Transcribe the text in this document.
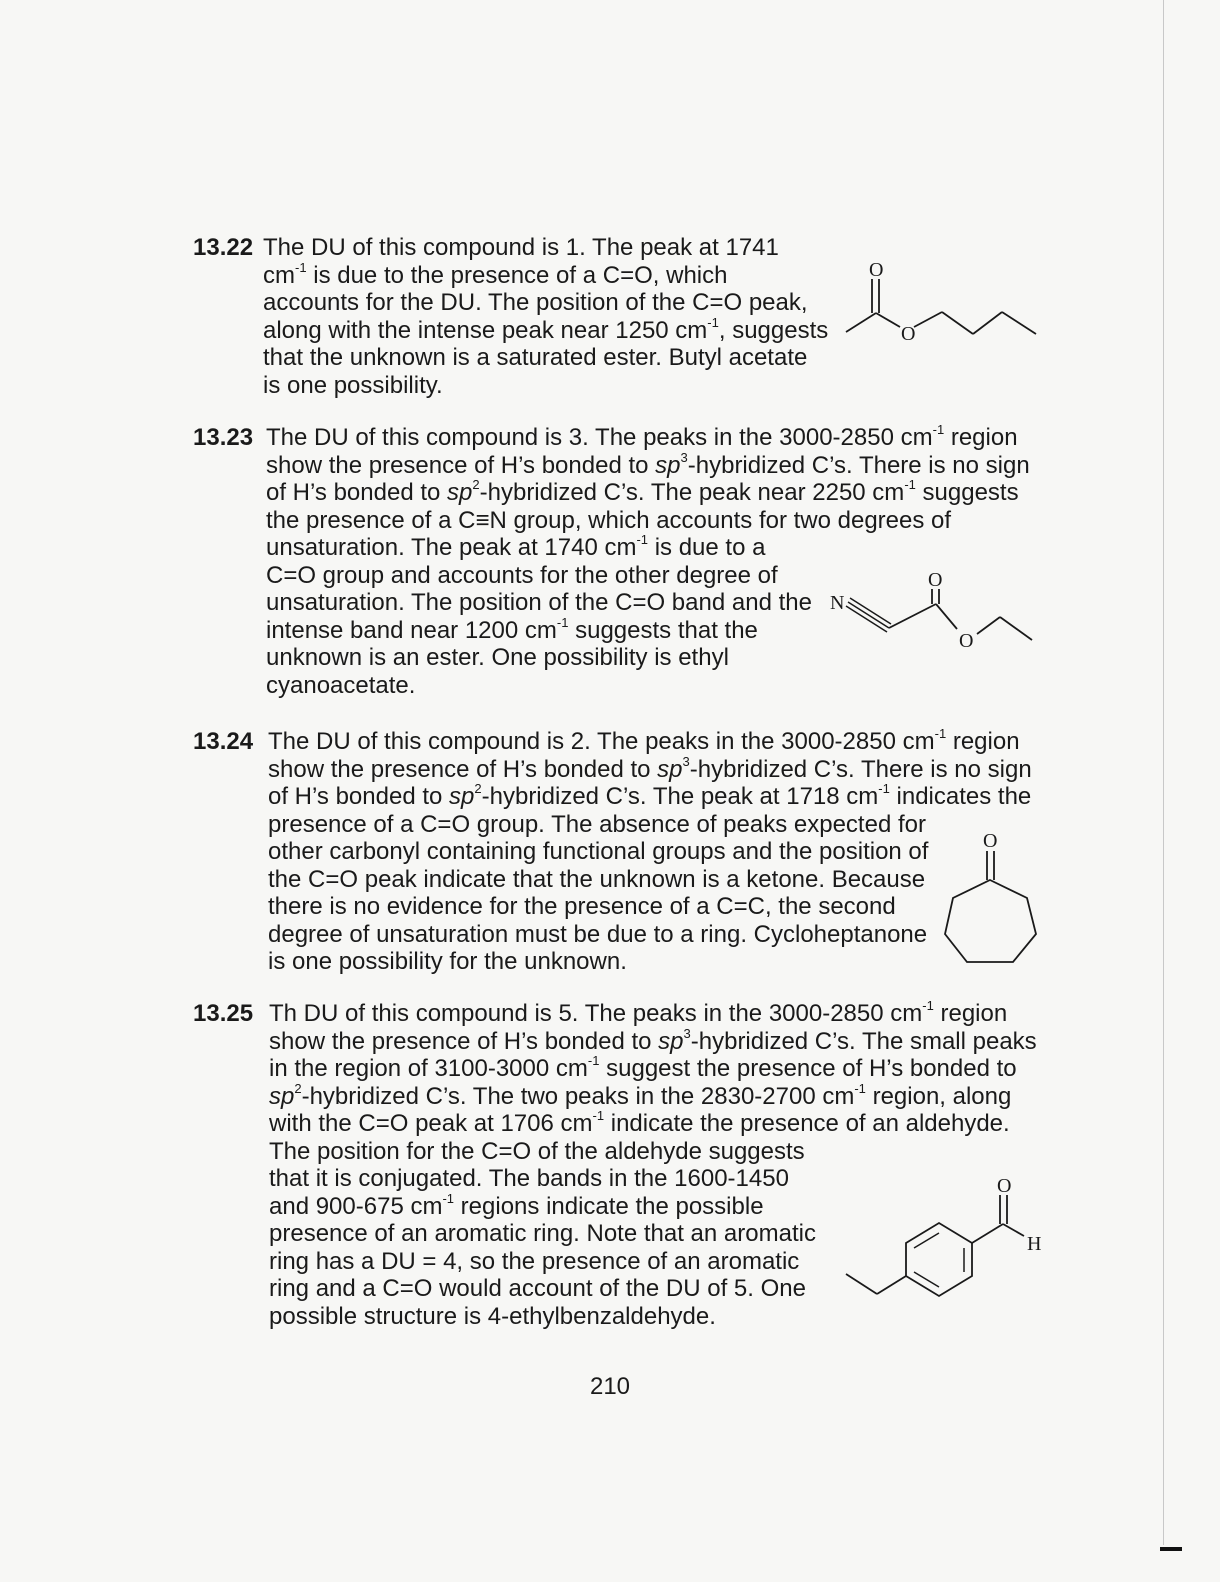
13.22 The DU of this compound is 1. The peak at 1741
$cm^{-1}$ is due to the presence of a C=O, which
accounts for the DU. The position of the C=O peak,
along with the intense peak near 1250 $cm^{-1}$, suggests
that the unknown is a saturated ester. Butyl acetate
is one possibility.
O
O
13.23 The DU of this compound is 3. The peaks in the 3000-2850 $cm^{-1}$ region
show the presence of H’s bonded to $sp^3$-hybridized C’s. There is no sign
of H’s bonded to $sp^2$-hybridized C’s. The peak near 2250 $cm^{-1}$ suggests
the presence of a C≡N group, which accounts for two degrees of
unsaturation. The peak at 1740 $cm^{-1}$ is due to a
C=O group and accounts for the other degree of
unsaturation. The position of the C=O band and the
intense band near 1200 $cm^{-1}$ suggests that the
unknown is an ester. One possibility is ethyl
cyanoacetate.
N
O
O
13.24 The DU of this compound is 2. The peaks in the 3000-2850 $cm^{-1}$ region
show the presence of H’s bonded to $sp^3$-hybridized C’s. There is no sign
of H’s bonded to $sp^2$-hybridized C’s. The peak at 1718 $cm^{-1}$ indicates the
presence of a C=O group. The absence of peaks expected for
other carbonyl containing functional groups and the position of
the C=O peak indicate that the unknown is a ketone. Because
there is no evidence for the presence of a C=C, the second
degree of unsaturation must be due to a ring. Cycloheptanone
is one possibility for the unknown.
O
13.25 Th DU of this compound is 5. The peaks in the 3000-2850 $cm^{-1}$ region
show the presence of H’s bonded to $sp^3$-hybridized C’s. The small peaks
in the region of 3100-3000 $cm^{-1}$ suggest the presence of H’s bonded to
$sp^2$-hybridized C’s. The two peaks in the 2830-2700 $cm^{-1}$ region, along
with the C=O peak at 1706 $cm^{-1}$ indicate the presence of an aldehyde.
The position for the C=O of the aldehyde suggests
that it is conjugated. The bands in the 1600-1450
and 900-675 $cm^{-1}$ regions indicate the possible
presence of an aromatic ring. Note that an aromatic
ring has a DU = 4, so the presence of an aromatic
ring and a C=O would account of the DU of 5. One
possible structure is 4-ethylbenzaldehyde.
O
H
210
